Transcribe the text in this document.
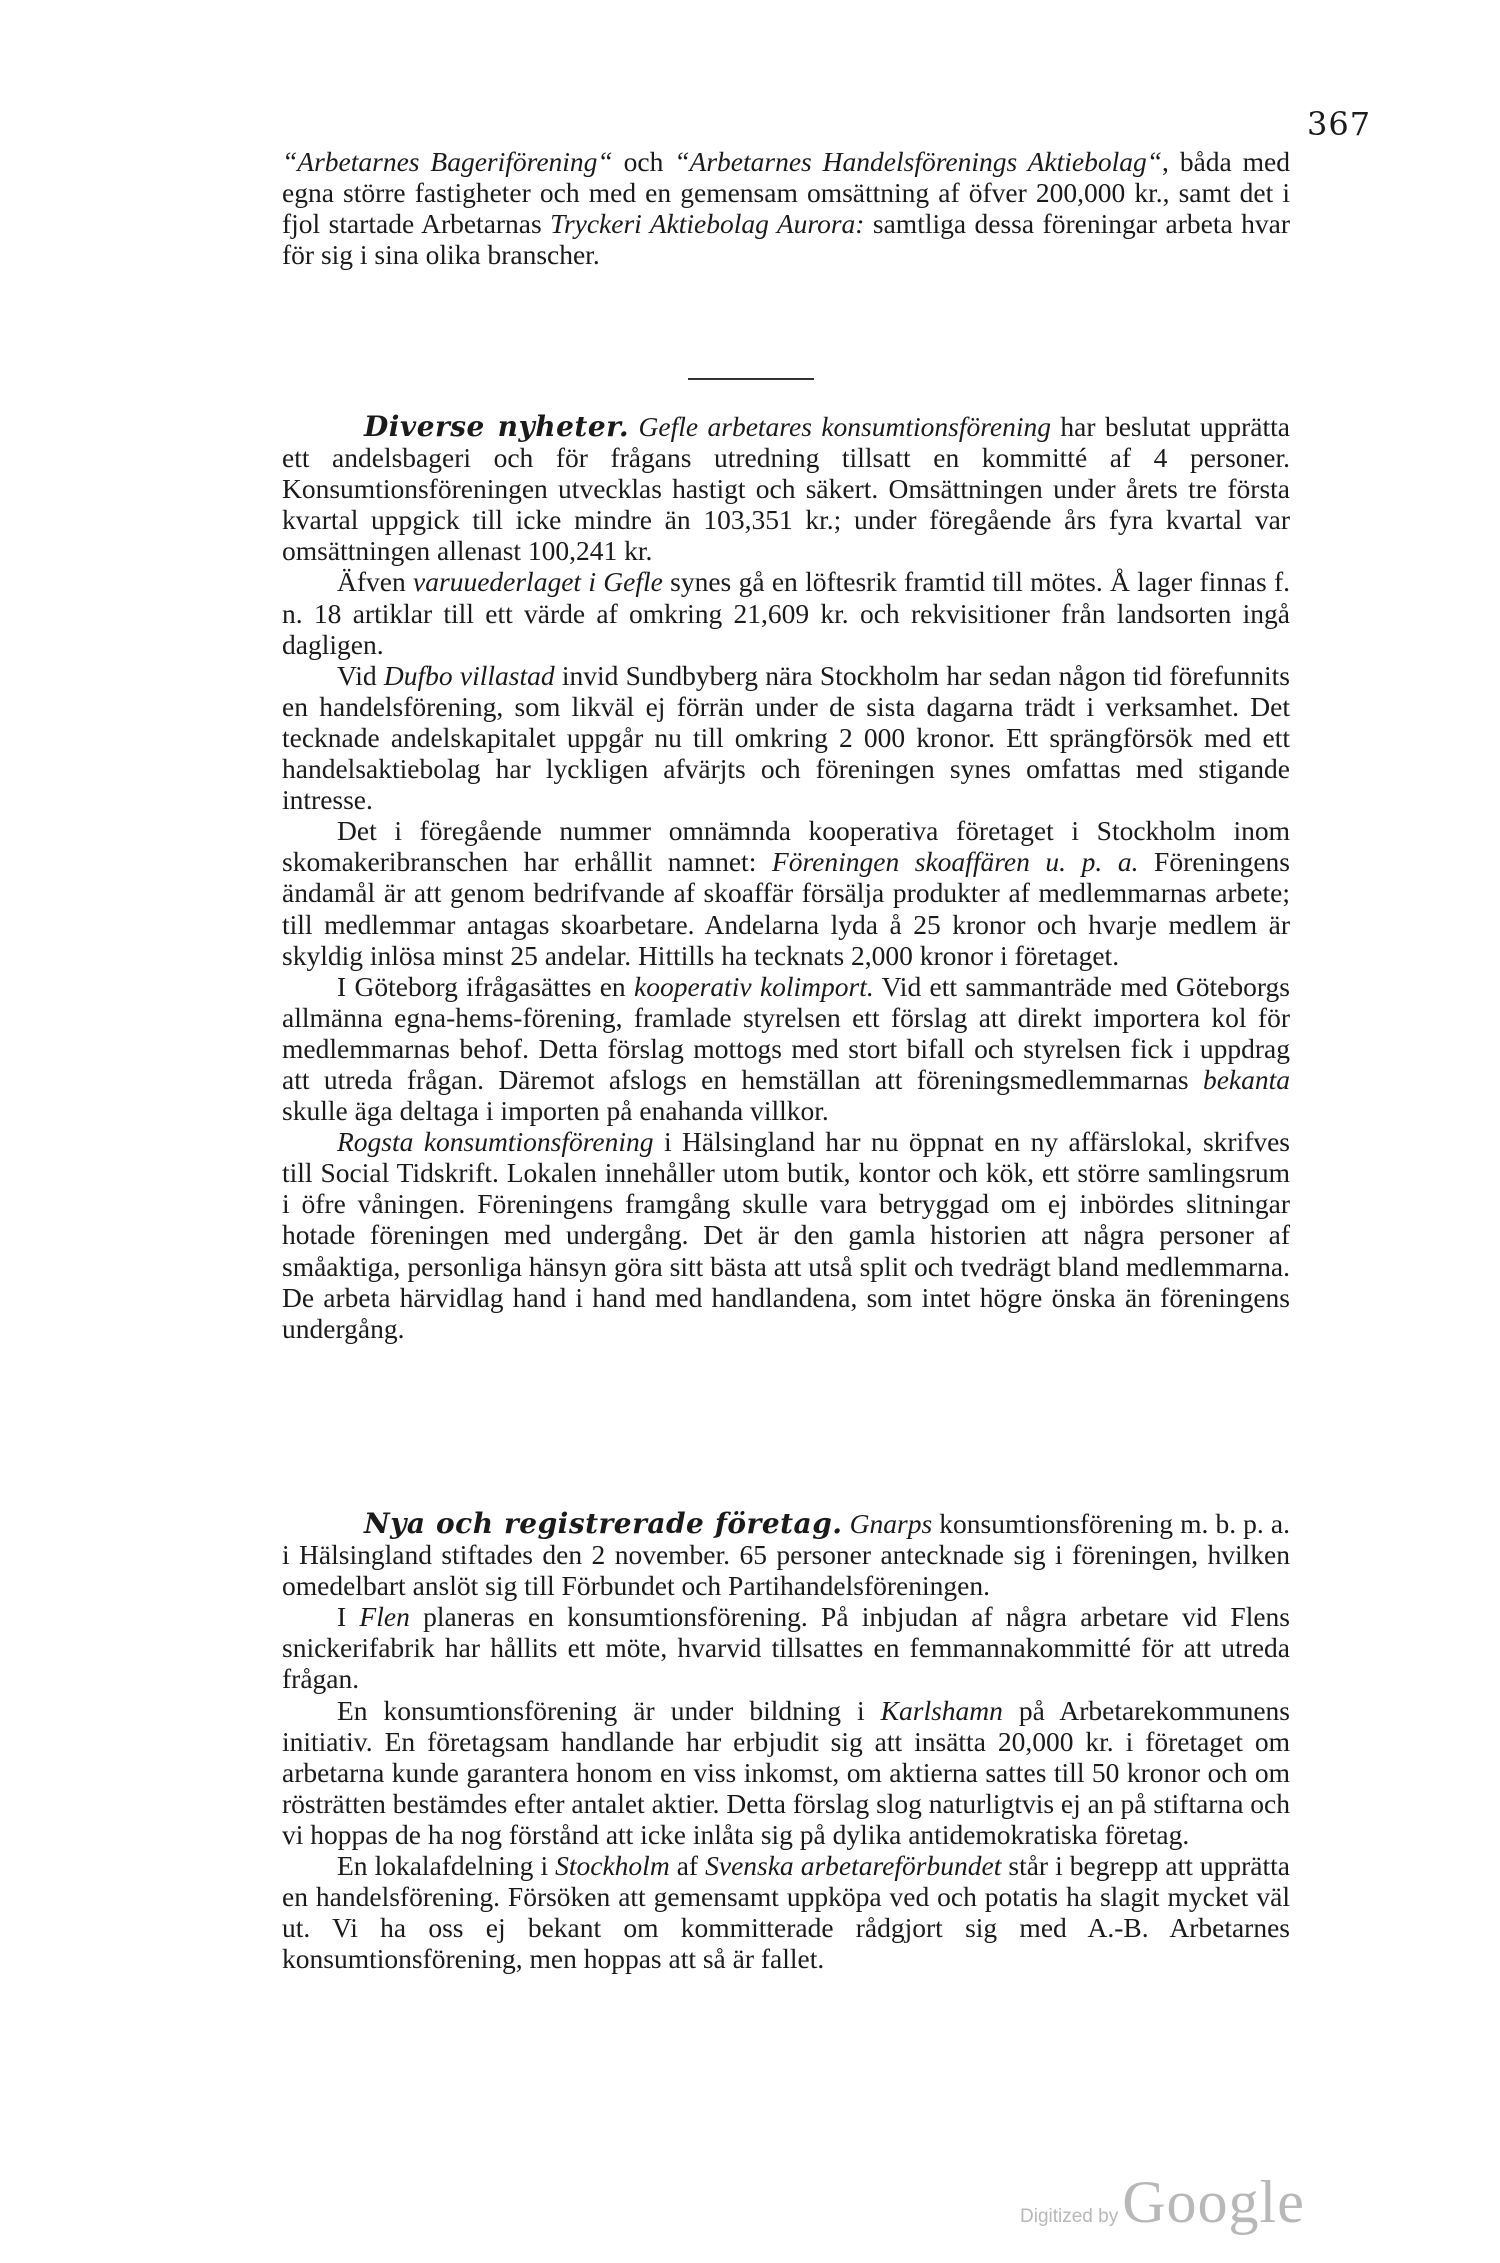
367

“Arbetarnes Bageriförening“ och “Arbetarnes Handelsförenings Aktiebolag“, båda med egna större fastigheter och med en gemensam omsättning af öfver 200,000 kr., samt det i fjol startade Arbetarnas Tryckeri Aktiebolag Aurora: samtliga dessa föreningar arbeta hvar för sig i sina olika branscher.

Diverse nyheter. Gefle arbetares konsumtionsförening har beslutat upprätta ett andelsbageri och för frågans utredning tillsatt en kommitté af 4 personer. Konsumtionsföreningen utvecklas hastigt och säkert. Omsättningen under årets tre första kvartal uppgick till icke mindre än 103,351 kr.; under föregående års fyra kvartal var omsättningen allenast 100,241 kr.

Äfven varuuederlaget i Gefle synes gå en löftesrik framtid till mötes. Å lager finnas f. n. 18 artiklar till ett värde af omkring 21,609 kr. och rekvisitioner från landsorten ingå dagligen.

Vid Dufbo villastad invid Sundbyberg nära Stockholm har sedan någon tid förefunnits en handelsförening, som likväl ej förrän under de sista dagarna trädt i verksamhet. Det tecknade andelskapitalet uppgår nu till omkring 2 000 kronor. Ett sprängförsök med ett handelsaktiebolag har lyckligen afvärjts och föreningen synes omfattas med stigande intresse.

Det i föregående nummer omnämnda kooperativa företaget i Stockholm inom skomakeribranschen har erhållit namnet: Föreningen skoaffären u. p. a. Föreningens ändamål är att genom bedrifvande af skoaffär försälja produkter af medlemmarnas arbete; till medlemmar antagas skoarbetare. Andelarna lyda å 25 kronor och hvarje medlem är skyldig inlösa minst 25 andelar. Hittills ha tecknats 2,000 kronor i företaget.

I Göteborg ifrågasättes en kooperativ kolimport. Vid ett sammanträde med Göteborgs allmänna egna-hems-förening, framlade styrelsen ett förslag att direkt importera kol för medlemmarnas behof. Detta förslag mottogs med stort bifall och styrelsen fick i uppdrag att utreda frågan. Däremot afslogs en hemställan att föreningsmedlemmarnas bekanta skulle äga deltaga i importen på enahanda villkor.

Rogsta konsumtionsförening i Hälsingland har nu öppnat en ny affärslokal, skrifves till Social Tidskrift. Lokalen innehåller utom butik, kontor och kök, ett större samlingsrum i öfre våningen. Föreningens framgång skulle vara betryggad om ej inbördes slitningar hotade föreningen med undergång. Det är den gamla historien att några personer af småaktiga, personliga hänsyn göra sitt bästa att utså split och tvedrägt bland medlemmarna. De arbeta härvidlag hand i hand med handlandena, som intet högre önska än föreningens undergång.

Nya och registrerade företag. Gnarps konsumtionsförening m. b. p. a. i Hälsingland stiftades den 2 november. 65 personer antecknade sig i föreningen, hvilken omedelbart anslöt sig till Förbundet och Partihandelsföreningen.

I Flen planeras en konsumtionsförening. På inbjudan af några arbetare vid Flens snickerifabrik har hållits ett möte, hvarvid tillsattes en femmannakommitté för att utreda frågan.

En konsumtionsförening är under bildning i Karlshamn på Arbetarekommunens initiativ. En företagsam handlande har erbjudit sig att insätta 20,000 kr. i företaget om arbetarna kunde garantera honom en viss inkomst, om aktierna sattes till 50 kronor och om rösträtten bestämdes efter antalet aktier. Detta förslag slog naturligtvis ej an på stiftarna och vi hoppas de ha nog förstånd att icke inlåta sig på dylika antidemokratiska företag.

En lokalafdelning i Stockholm af Svenska arbetareförbundet står i begrepp att upprätta en handelsförening. Försöken att gemensamt uppköpa ved och potatis ha slagit mycket väl ut. Vi ha oss ej bekant om kommitterade rådgjort sig med A.-B. Arbetarnes konsumtionsförening, men hoppas att så är fallet.

Digitized by Google
